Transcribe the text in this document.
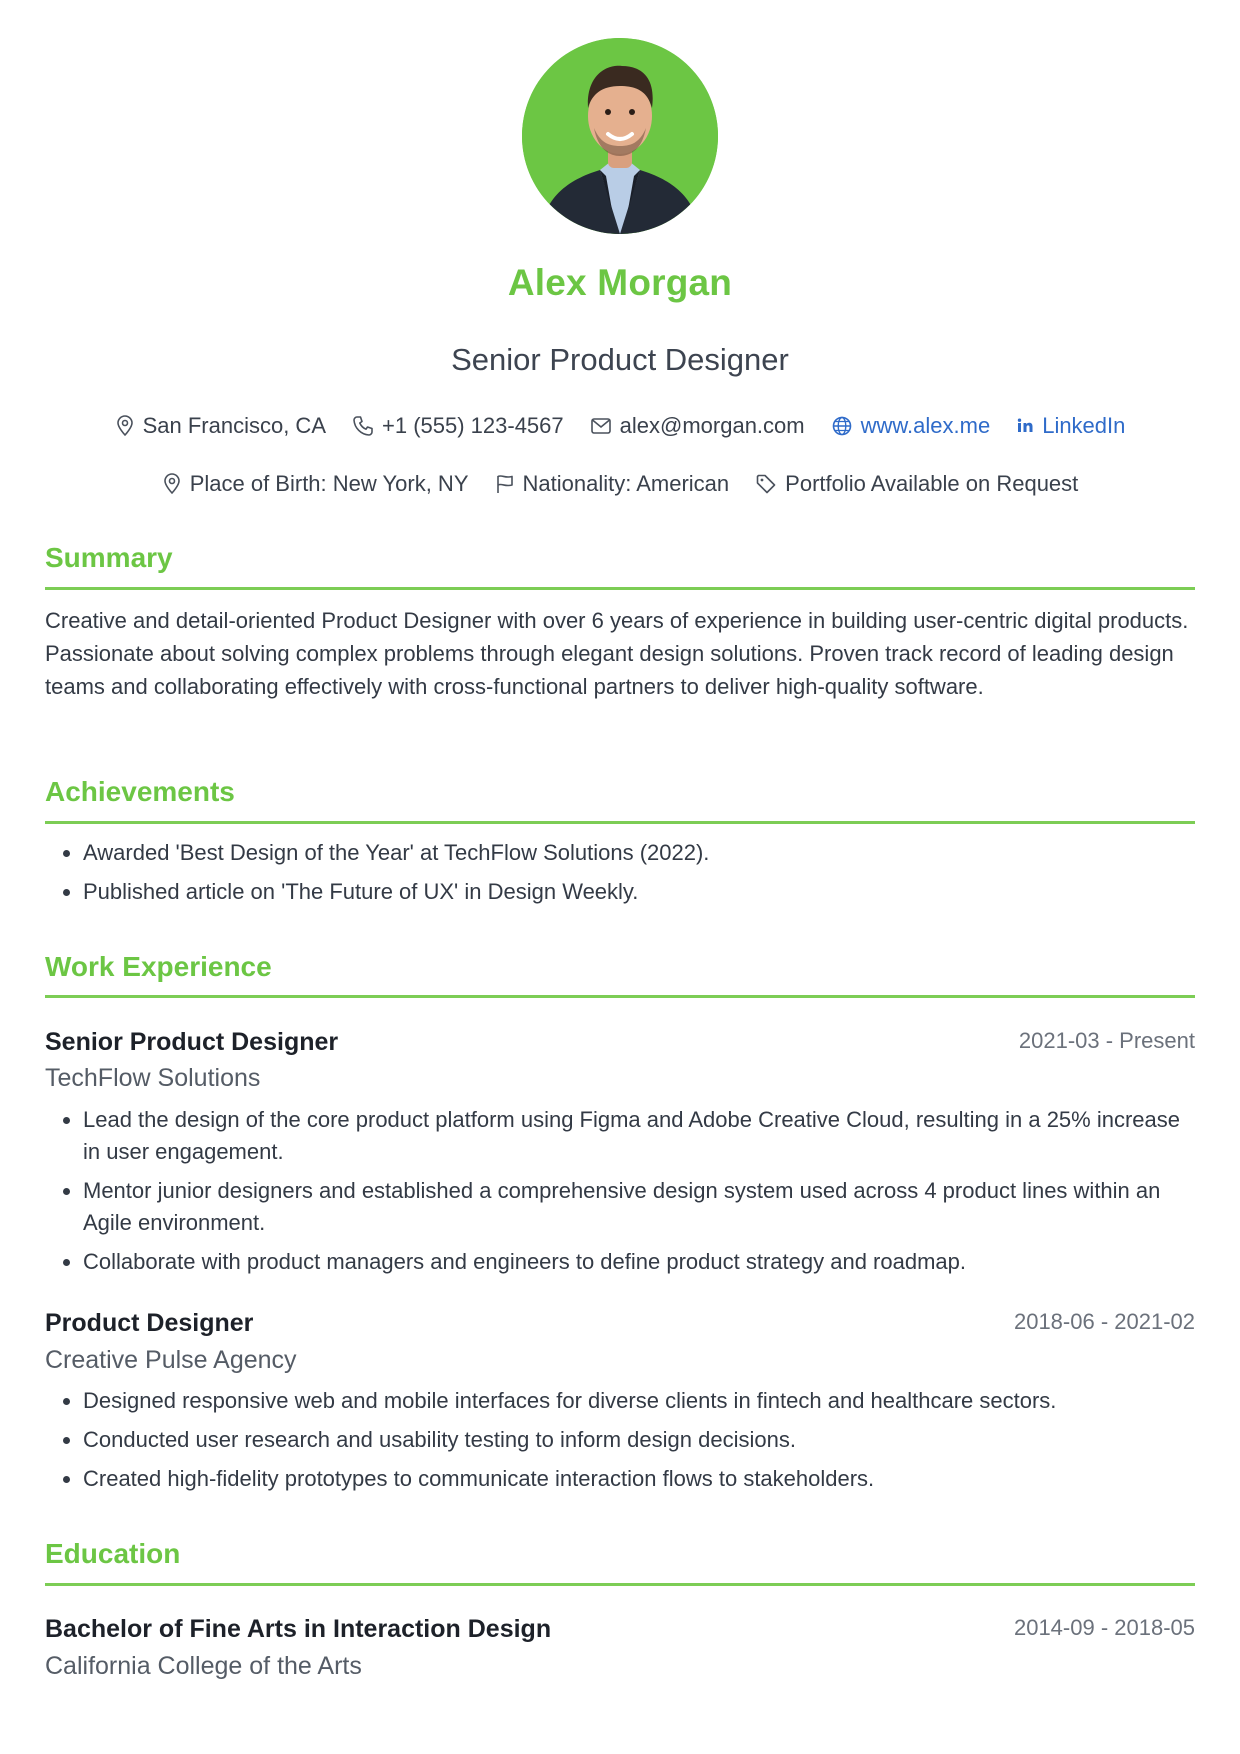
Alex Morgan
Senior Product Designer
San Francisco, CA	+1 (555) 123-4567	alex@morgan.com	www.alex.me LinkedIn
Place of Birth: New York, NY Nationality: American	Portfolio Available on Request
Summary
Creative and detail-oriented Product Designer with over 6 years of experience in building user-centric digital products. Passionate about solving complex problems through elegant design solutions. Proven track record of leading design teams and collaborating effectively with cross-functional partners to deliver high-quality software.
Achievements
• Awarded 'Best Design of the Year' at TechFlow Solutions (2022).
• Published article on 'The Future of UX' in Design Weekly.
Work Experience
Senior Product Designer	2021-03 - Present
TechFlow Solutions
• Lead the design of the core product platform using Figma and Adobe Creative Cloud, resulting in a 25% increase in user engagement.
• Mentor junior designers and established a comprehensive design system used across 4 product lines within an Agile environment.
• Collaborate with product managers and engineers to define product strategy and roadmap.
Product Designer	2018-06 - 2021-02
Creative Pulse Agency
• Designed responsive web and mobile interfaces for diverse clients in fintech and healthcare sectors.
• Conducted user research and usability testing to inform design decisions.
• Created high-fidelity prototypes to communicate interaction flows to stakeholders.
Education
Bachelor of Fine Arts in Interaction Design	2014-09 - 2018-05
California College of the Arts
